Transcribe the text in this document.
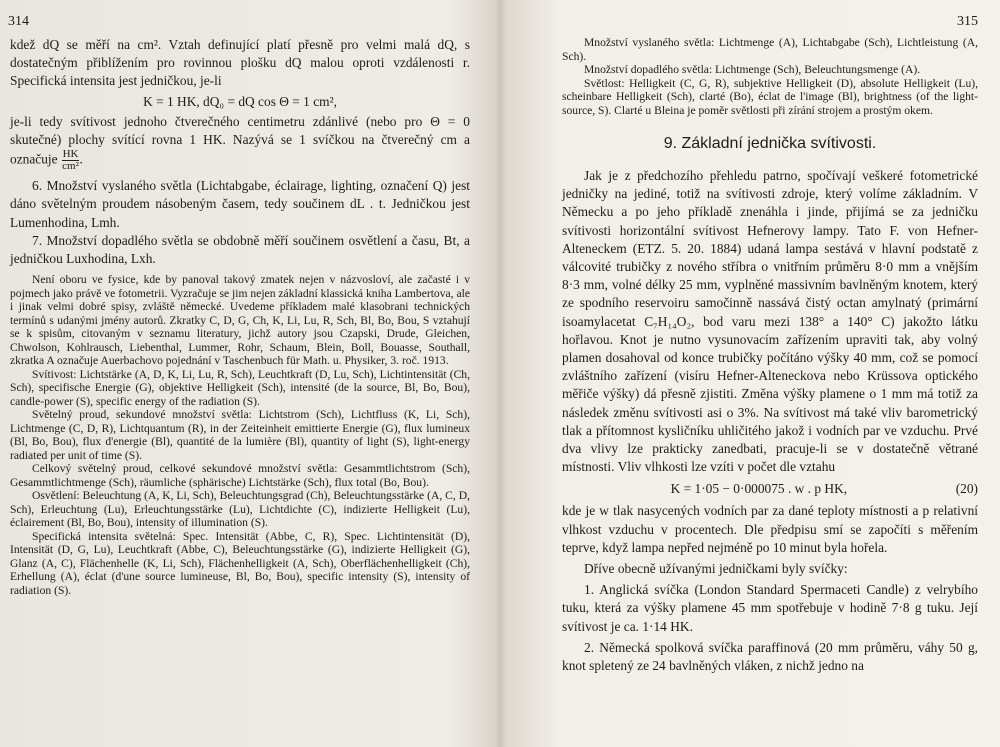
314

kdež dQ se měří na cm². Vztah definující platí přesně pro velmi malá dQ, s dostatečným přiblížením pro rovinnou plošku dQ malou oproti vzdálenosti r. Specifická intensita jest jedničkou, je-li

K = 1 HK, dQ₀ = dQ cos Θ = 1 cm²,

je-li tedy svítivost jednoho čtverečného centimetru zdánlivé (nebo pro Θ = 0 skutečné) plochy svítící rovna 1 HK. Nazývá se 1 svíčkou na čtverečný cm a označuje $\frac{HK}{\text{cm²}}$ .

6. Množství vyslaného světla (Lichtabgabe, éclairage, lighting, označení Q) jest dáno světelným proudem násobeným časem, tedy součinem dL . t. Jedničkou jest Lumenhodina, Lmh.

7. Množství dopadlého světla se obdobně měří součinem osvětlení a času, Bt, a jedničkou Luxhodina, Lxh.

Není oboru ve fysice, kde by panoval takový zmatek nejen v názvosloví, ale začasté i v pojmech jako právě ve fotometrii. Vyzračuje se jim nejen základní klassická kniha Lambertova, ale i jinak velmi dobré spisy, zvláště německé. Uvedeme příkladem malé klasobrani technických termínů s udanými jmény autorů. Zkratky C, D, G, Ch, K, Li, Lu, R, Sch, Bl, Bo, Bou, S vztahují se k spisům, citovaným v seznamu literatury, jichž autory jsou Czapski, Drude, Gleichen, Chwolson, Kohlrausch, Liebenthal, Lummer, Rohr, Schaum, Blein, Boll, Bouasse, Southall, zkratka A označuje Auerbachovo pojednání v Taschenbuch für Math. u. Physiker, 3. roč. 1913.

Svítivost: Lichtstärke (A, D, K, Li, Lu, R, Sch), Leuchtkraft (D, Lu, Sch), Lichtintensität (Ch, Sch), specifische Energie (G), objektive Helligkeit (Sch), intensité (de la source, Bl, Bo, Bou), candle-power (S), specific energy of the radiation (S).

Světelný proud, sekundové množství světla: Lichtstrom (Sch), Lichtfluss (K, Li, Sch), Lichtmenge (C, D, R), Lichtquantum (R), in der Zeiteinheit emittierte Energie (G), flux lumineux (Bl, Bo, Bou), flux d'energie (Bl), quantité de la lumière (Bl), quantity of light (S), light-energy radiated per unit of time (S).

Celkový světelný proud, celkové sekundové množství světla: Gesammtlichtstrom (Sch), Gesammtlichtmenge (Sch), räumliche (sphärische) Lichtstärke (Sch), flux total (Bo, Bou).

Osvětlení: Beleuchtung (A, K, Li, Sch), Beleuchtungsgrad (Ch), Beleuchtungsstärke (A, C, D, Sch), Erleuchtung (Lu), Erleuchtungsstärke (Lu), Lichtdichte (C), indizierte Helligkeit (Lu), éclairement (Bl, Bo, Bou), intensity of illumination (S).

Specifická intensita světelná: Spec. Intensität (Abbe, C, R), Spec. Lichtintensität (D), Intensität (D, G, Lu), Leuchtkraft (Abbe, C), Beleuchtungsstärke (G), indizierte Helligkeit (G), Glanz (A, C), Flächenhelle (K, Li, Sch), Flächenhelligkeit (A, Sch), Oberflächenhelligkeit (Ch), Erhellung (A), éclat (d'une source lumineuse, Bl, Bo, Bou), specific intensity (S), intensity of radiation (S).

315

Množství vyslaného světla: Lichtmenge (A), Lichtabgabe (Sch), Lichtleistung (A, Sch).

Množství dopadlého světla: Lichtmenge (Sch), Beleuchtungsmenge (A).

Světlost: Helligkeit (C, G, R), subjektive Helligkeit (D), absolute Helligkeit (Lu), scheinbare Helligkeit (Sch), clarté (Bo), éclat de l'image (Bl), brightness (of the light-source, S). Clarté u Bleina je poměr světlosti při zírání strojem a prostým okem.

9. Základní jednička svítivosti.

Jak je z předchozího přehledu patrno, spočívají veškeré fotometrické jedničky na jediné, totiž na svítivosti zdroje, který volíme základním. V Německu a po jeho příkladě znenáhla i jinde, přijímá se za jedničku svítivosti horizontální svítivost Hefnerovy lampy. Tato F. von Hefner-Alteneckem (ETZ. 5. 20. 1884) udaná lampa sestává v hlavní podstatě z válcovité trubičky z nového stříbra o vnitřním průměru 8·0 mm a vnějším 8·3 mm, volné délky 25 mm, vyplněné massivním bavlněným knotem, který ze spodního reservoiru samočinně nassává čistý octan amylnatý (primární isoamylacetat C₇H₁₄O₂, bod varu mezi 138° a 140° C) jakožto látku hořlavou. Knot je nutno vysunovacím zařízením upraviti tak, aby volný plamen dosahoval od konce trubičky počítáno výšky 40 mm, což se pomocí zvláštního zařízení (visíru Hefner-Alteneckova nebo Krüssova optického měřiče výšky) dá přesně zjistiti. Změna výšky plamene o 1 mm má totiž za následek změnu svítivosti asi o 3%. Na svítivost má také vliv barometrický tlak a přítomnost kysličníku uhličitého jakož i vodních par ve vzduchu. Prvé dva vlivy lze prakticky zanedbati, pracuje-li se v dostatečně větrané místnosti. Vliv vlhkosti lze vzíti v počet dle vztahu

K = 1·05 − 0·000075 . w . p HK,	(20)

kde je w tlak nasycených vodních par za dané teploty místnosti a p relativní vlhkost vzduchu v procentech. Dle předpisu smí se započíti s měřením teprve, když lampa nepřed nejméně po 10 minut byla hořela.

Dříve obecně užívanými jedničkami byly svíčky:

1. Anglická svíčka (London Standard Spermaceti Candle) z velrybího tuku, která za výšky plamene 45 mm spotřebuje v hodině 7·8 g tuku. Její svítivost je ca. 1·14 HK.

2. Německá spolková svíčka paraffinová (20 mm průměru, váhy 50 g, knot spletený ze 24 bavlněných vláken, z nichž jedno na
